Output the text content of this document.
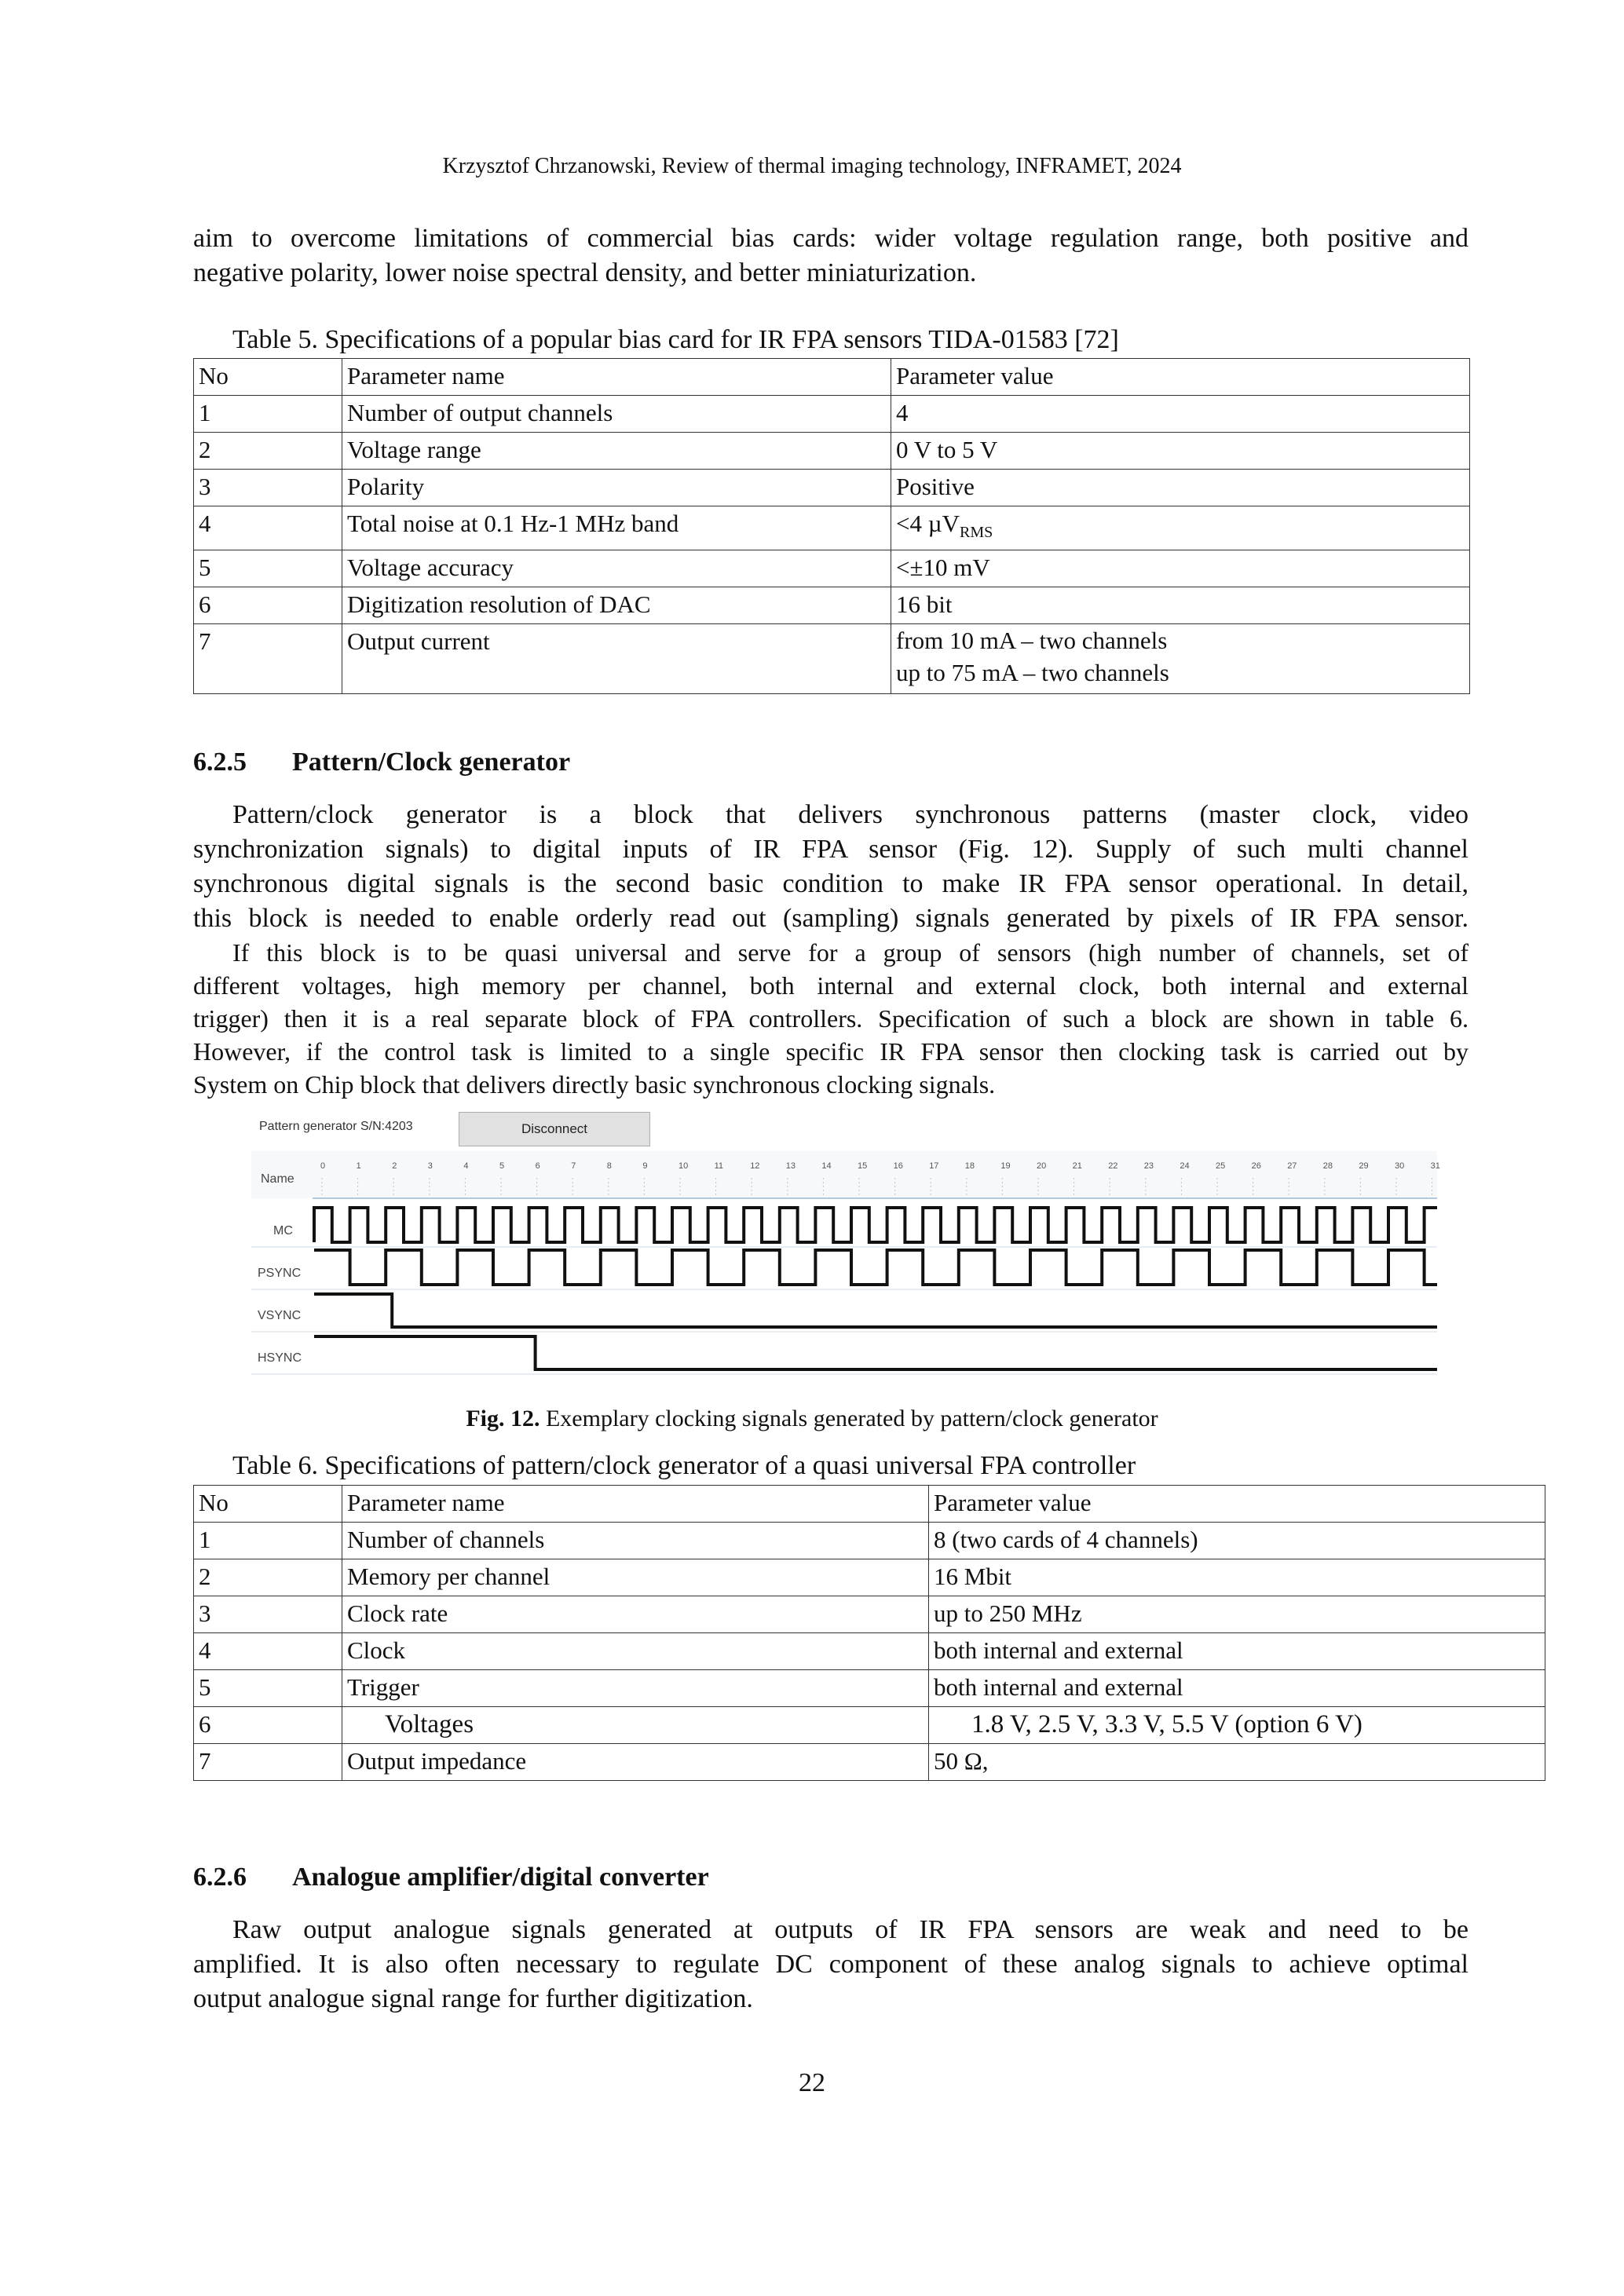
Krzysztof Chrzanowski, Review of thermal imaging technology, INFRAMET, 2024
aim to overcome limitations of commercial bias cards: wider voltage regulation range, both positive and
negative polarity, lower noise spectral density, and better miniaturization.
Table 5. Specifications of a popular bias card for IR FPA sensors TIDA-01583 [72]
No	Parameter name	Parameter value
1	Number of output channels	4
2	Voltage range	0 V to 5 V
3	Polarity	Positive
4	Total noise at 0.1 Hz-1 MHz band	<4 µV$_{RMS}$
5	Voltage accuracy	<±10 mV
6	Digitization resolution of DAC	16 bit
7	Output current	from 10 mA – two channels
up to 75 mA – two channels
6.2.5 Pattern/Clock generator
Pattern/clock generator is a block that delivers synchronous patterns (master clock, video
synchronization signals) to digital inputs of IR FPA sensor (Fig. 12). Supply of such multi channel
synchronous digital signals is the second basic condition to make IR FPA sensor operational. In detail,
this block is needed to enable orderly read out (sampling) signals generated by pixels of IR FPA sensor.
If this block is to be quasi universal and serve for a group of sensors (high number of channels, set of
different voltages, high memory per channel, both internal and external clock, both internal and external
trigger) then it is a real separate block of FPA controllers. Specification of such a block are shown in table 6.
However, if the control task is limited to a single specific IR FPA sensor then clocking task is carried out by
System on Chip block that delivers directly basic synchronous clocking signals.
Pattern generator S/N:4203	Disconnect
Name
0	1	2	3	4	5	6	7	8	9	10	11	12	13	14	15	16	17	18	19	20	21	22	23	24	25	26	27	28	29	30	31
MC
PSYNC
VSYNC
HSYNC
Fig. 12. Exemplary clocking signals generated by pattern/clock generator
Table 6. Specifications of pattern/clock generator of a quasi universal FPA controller
No	Parameter name	Parameter value
1	Number of channels	8 (two cards of 4 channels)
2	Memory per channel	16 Mbit
3	Clock rate	up to 250 MHz
4	Clock	both internal and external
5	Trigger	both internal and external
6	Voltages	1.8 V, 2.5 V, 3.3 V, 5.5 V (option 6 V)
7	Output impedance	50 Ω,
6.2.6 Analogue amplifier/digital converter
Raw output analogue signals generated at outputs of IR FPA sensors are weak and need to be
amplified. It is also often necessary to regulate DC component of these analog signals to achieve optimal
output analogue signal range for further digitization.
22
